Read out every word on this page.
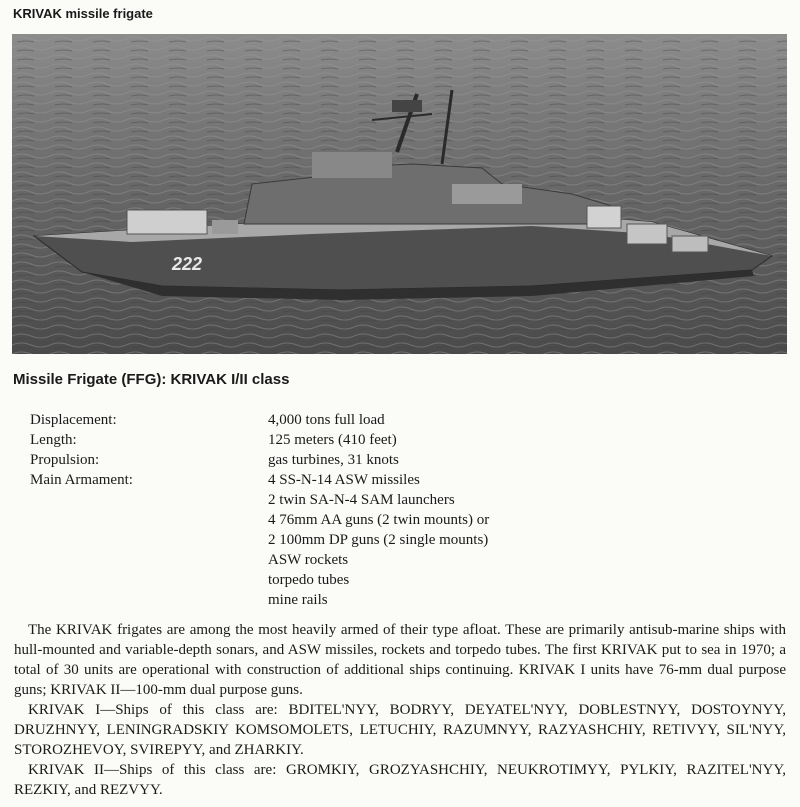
KRIVAK missile frigate
222
Missile Frigate (FFG): KRIVAK I/II class
Displacement:	4,000 tons full load
Length:	125 meters (410 feet)
Propulsion:	gas turbines, 31 knots
Main Armament:	4 SS-N-14 ASW missiles
2 twin SA-N-4 SAM launchers
4 76mm AA guns (2 twin mounts) or
2 100mm DP guns (2 single mounts)
ASW rockets
torpedo tubes
mine rails

The KRIVAK frigates are among the most heavily armed of their type afloat. These are primarily antisub-marine ships with hull-mounted and variable-depth sonars, and ASW missiles, rockets and torpedo tubes. The first KRIVAK put to sea in 1970; a total of 30 units are operational with construction of additional ships continuing. KRIVAK I units have 76-mm dual purpose guns; KRIVAK II—100-mm dual purpose guns.

KRIVAK I—Ships of this class are: BDITEL'NYY, BODRYY, DEYATEL'NYY, DOBLESTNYY, DOSTOYNYY, DRUZHNYY, LENINGRADSKIY KOMSOMOLETS, LETUCHIY, RAZUMNYY, RAZYASHCHIY, RETIVYY, SIL'NYY, STOROZHEVOY, SVIREPYY, and ZHARKIY.

KRIVAK II—Ships of this class are: GROMKIY, GROZYASHCHIY, NEUKROTIMYY, PYLKIY, RAZITEL'NYY, REZKIY, and REZVYY.
